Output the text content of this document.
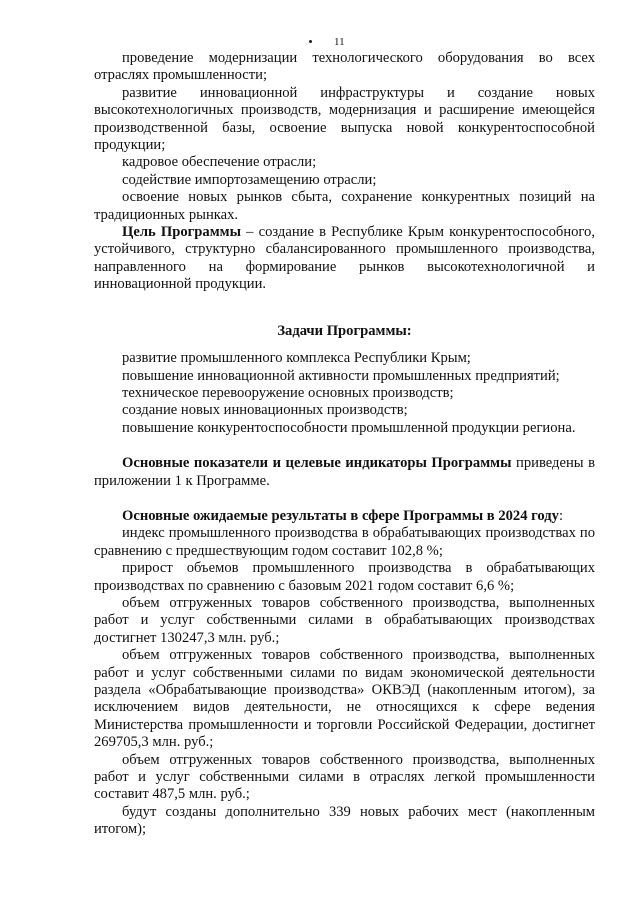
11

проведение модернизации технологического оборудования во всех отраслях промышленности;

развитие инновационной инфраструктуры и создание новых высокотехнологичных производств, модернизация и расширение имеющейся производственной базы, освоение выпуска новой конкурентоспособной продукции;

кадровое обеспечение отрасли;

содействие импортозамещению отрасли;

освоение новых рынков сбыта, сохранение конкурентных позиций на традиционных рынках.

Цель Программы – создание в Республике Крым конкурентоспособного, устойчивого, структурно сбалансированного промышленного производства, направленного на формирование рынков высокотехнологичной и инновационной продукции.

Задачи Программы:

развитие промышленного комплекса Республики Крым;

повышение инновационной активности промышленных предприятий;

техническое перевооружение основных производств;

создание новых инновационных производств;

повышение конкурентоспособности промышленной продукции региона.

Основные показатели и целевые индикаторы Программы приведены в приложении 1 к Программе.

Основные ожидаемые результаты в сфере Программы в 2024 году:

индекс промышленного производства в обрабатывающих производствах по сравнению с предшествующим годом составит 102,8 %;

прирост объемов промышленного производства в обрабатывающих производствах по сравнению с базовым 2021 годом составит 6,6 %;

объем отгруженных товаров собственного производства, выполненных работ и услуг собственными силами в обрабатывающих производствах достигнет 130247,3 млн. руб.;

объем отгруженных товаров собственного производства, выполненных работ и услуг собственными силами по видам экономической деятельности раздела «Обрабатывающие производства» ОКВЭД (накопленным итогом), за исключением видов деятельности, не относящихся к сфере ведения Министерства промышленности и торговли Российской Федерации, достигнет 269705,3 млн. руб.;

объем отгруженных товаров собственного производства, выполненных работ и услуг собственными силами в отраслях легкой промышленности составит 487,5 млн. руб.;

будут созданы дополнительно 339 новых рабочих мест (накопленным итогом);
